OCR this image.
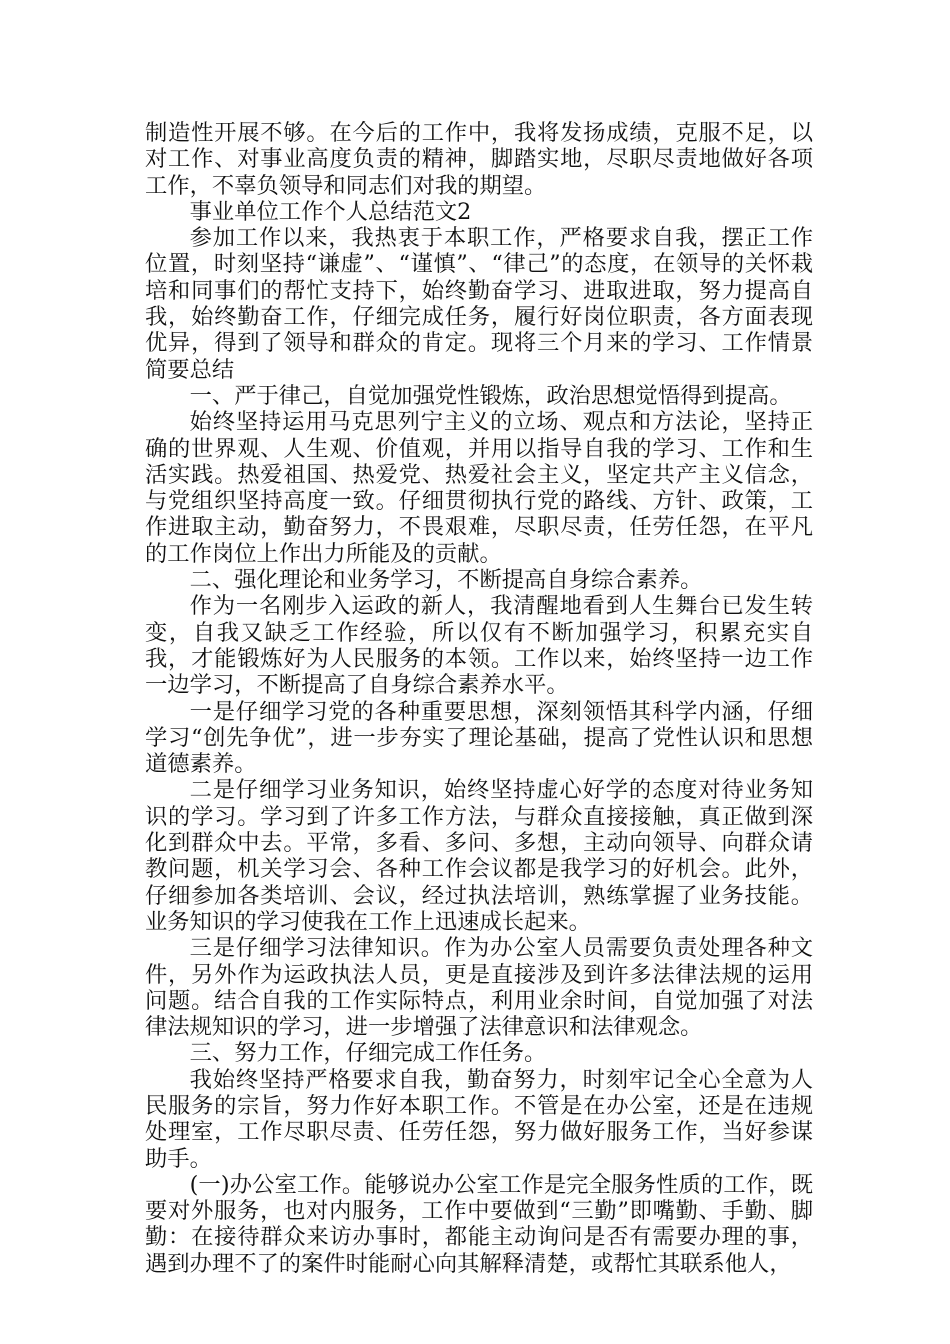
制造性开展不够。在今后的工作中，我将发扬成绩，克服不足，以对工作、对事业高度负责的精神，脚踏实地，尽职尽责地做好各项工作，不辜负领导和同志们对我的期望。

事业单位工作个人总结范文2

参加工作以来，我热衷于本职工作，严格要求自我，摆正工作位置，时刻坚持“谦虚”、“谨慎”、“律己”的态度，在领导的关怀栽培和同事们的帮忙支持下，始终勤奋学习、进取进取，努力提高自我，始终勤奋工作，仔细完成任务，履行好岗位职责，各方面表现优异，得到了领导和群众的肯定。现将三个月来的学习、工作情景简要总结

一、严于律己，自觉加强党性锻炼，政治思想觉悟得到提高。

始终坚持运用马克思列宁主义的立场、观点和方法论，坚持正确的世界观、人生观、价值观，并用以指导自我的学习、工作和生活实践。热爱祖国、热爱党、热爱社会主义，坚定共产主义信念，与党组织坚持高度一致。仔细贯彻执行党的路线、方针、政策，工作进取主动，勤奋努力，不畏艰难，尽职尽责，任劳任怨，在平凡的工作岗位上作出力所能及的贡献。

二、强化理论和业务学习，不断提高自身综合素养。

作为一名刚步入运政的新人，我清醒地看到人生舞台已发生转变，自我又缺乏工作经验，所以仅有不断加强学习，积累充实自我，才能锻炼好为人民服务的本领。工作以来，始终坚持一边工作一边学习，不断提高了自身综合素养水平。

一是仔细学习党的各种重要思想，深刻领悟其科学内涵，仔细学习“创先争优”，进一步夯实了理论基础，提高了党性认识和思想道德素养。

二是仔细学习业务知识，始终坚持虚心好学的态度对待业务知识的学习。学习到了许多工作方法，与群众直接接触，真正做到深化到群众中去。平常，多看、多问、多想，主动向领导、向群众请教问题，机关学习会、各种工作会议都是我学习的好机会。此外，仔细参加各类培训、会议，经过执法培训，熟练掌握了业务技能。业务知识的学习使我在工作上迅速成长起来。

三是仔细学习法律知识。作为办公室人员需要负责处理各种文件，另外作为运政执法人员，更是直接涉及到许多法律法规的运用问题。结合自我的工作实际特点，利用业余时间，自觉加强了对法律法规知识的学习，进一步增强了法律意识和法律观念。

三、努力工作，仔细完成工作任务。

我始终坚持严格要求自我，勤奋努力，时刻牢记全心全意为人民服务的宗旨，努力作好本职工作。不管是在办公室，还是在违规处理室，工作尽职尽责、任劳任怨，努力做好服务工作，当好参谋助手。

(一)办公室工作。能够说办公室工作是完全服务性质的工作，既要对外服务，也对内服务，工作中要做到“三勤”即嘴勤、手勤、脚勤：在接待群众来访办事时，都能主动询问是否有需要办理的事，遇到办理不了的案件时能耐心向其解释清楚，或帮忙其联系他人，
